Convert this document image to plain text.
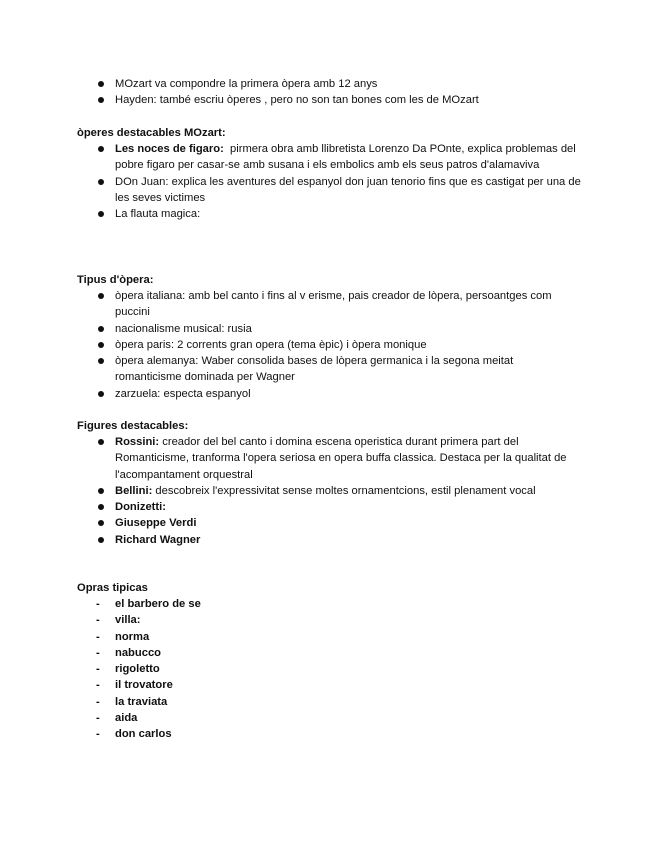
MOzart va compondre la primera òpera amb 12 anys
Hayden: també escriu òperes , pero no son tan bones com les de MOzart

òperes destacables MOzart:

Les noces de figaro:  pirmera obra amb llibretista Lorenzo Da POnte, explica problemas del pobre figaro per casar-se amb susana i els embolics amb els seus patros d'alamaviva
DOn Juan: explica les aventures del espanyol don juan tenorio fins que es castigat per una de les seves victimes
La flauta magica:

Tipus d'òpera:

òpera italiana: amb bel canto i fins al v erisme, pais creador de lòpera, persoantges com puccini
nacionalisme musical: rusia
òpera paris: 2 corrents gran opera (tema èpic) i òpera monique
òpera alemanya: Waber consolida bases de lòpera germanica i la segona meitat romanticisme dominada per Wagner
zarzuela: especta espanyol

Figures destacables:

Rossini: creador del bel canto i domina escena operistica durant primera part del Romanticisme, tranforma l'opera seriosa en opera buffa classica. Destaca per la qualitat de l'acompantament orquestral
Bellini: descobreix l'expressivitat sense moltes ornamentcions, estil plenament vocal
Donizetti:
Giuseppe Verdi
Richard Wagner

Opras tipicas

- el barbero de se
- villa:
- norma
- nabucco
- rigoletto
- il trovatore
- la traviata
- aida
- don carlos
